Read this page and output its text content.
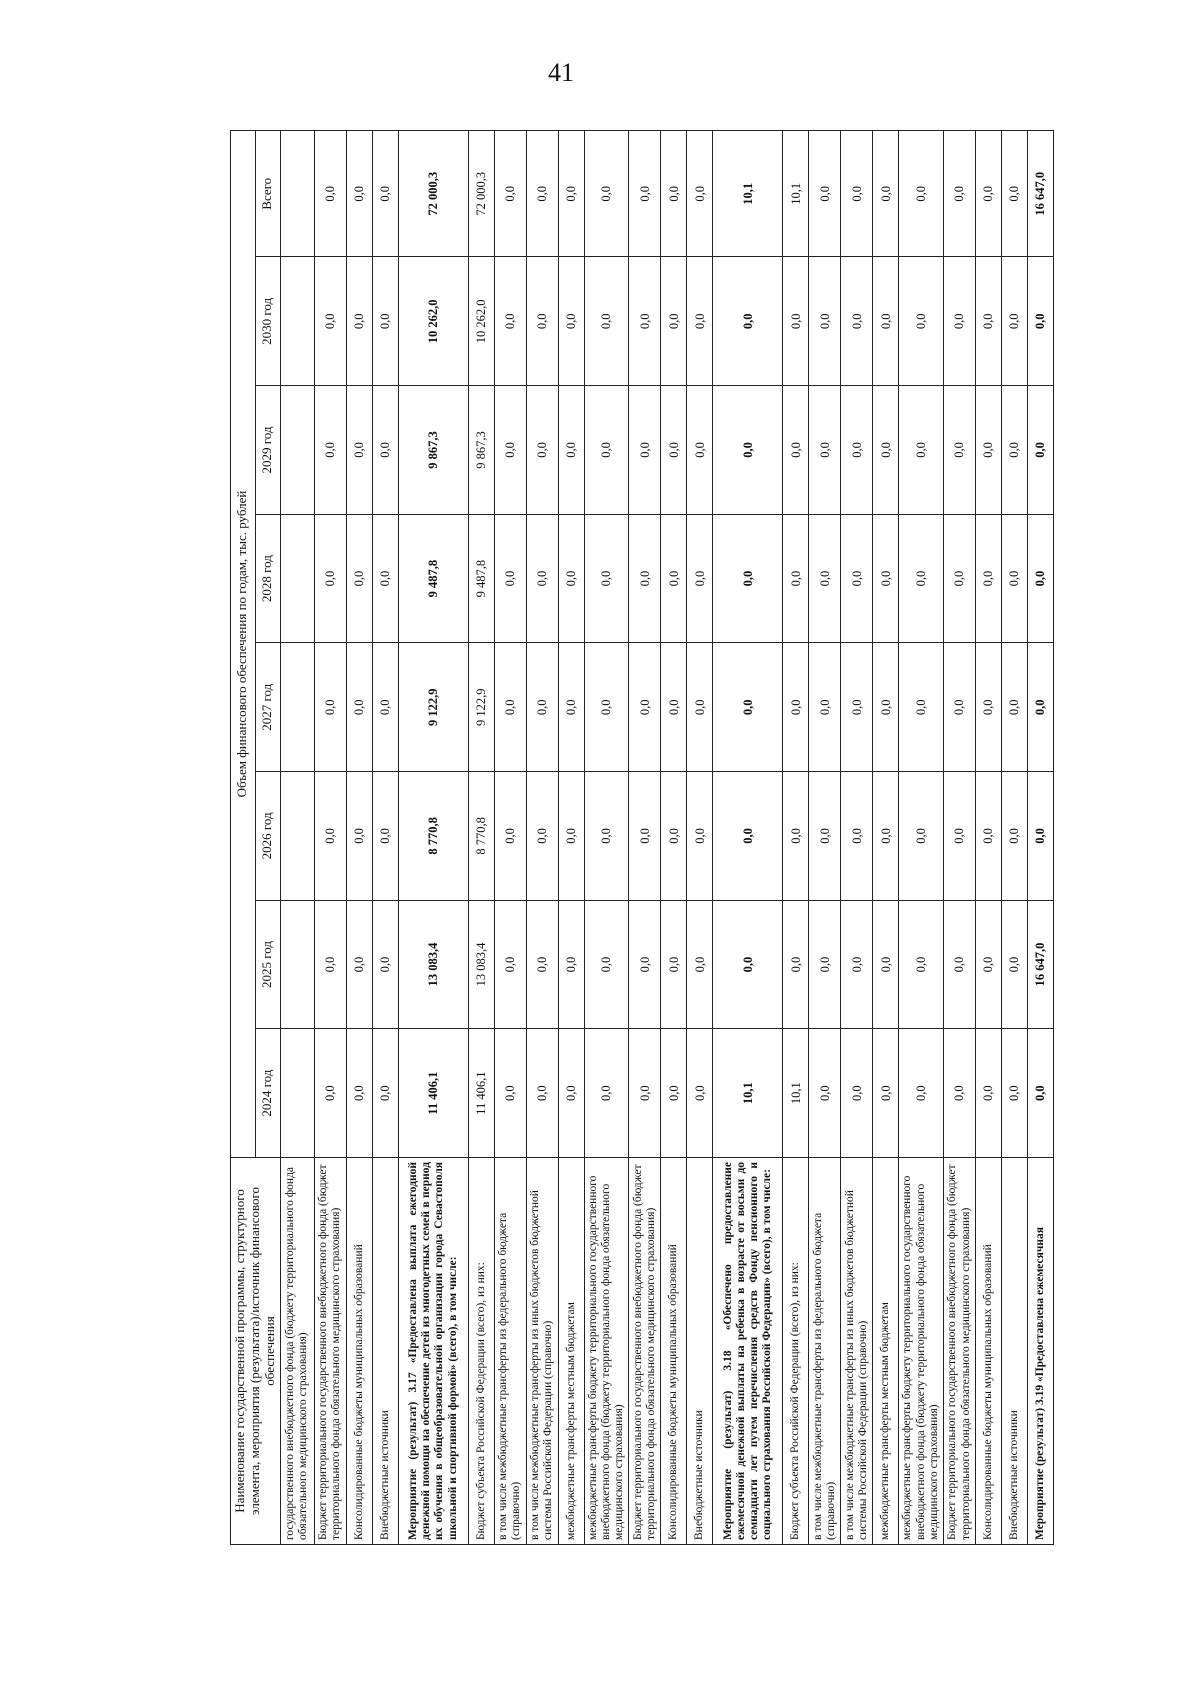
41
Наименование государственной программы, структурного элемента, мероприятия (результата)/источник финансового обеспечения	Объем финансового обеспечения по годам, тыс. рублей							
	2024 год	2025 год	2026 год	2027 год	2028 год	2029 год	2030 год	Всего
государственного внебюджетного фонда (бюджету территориального фонда обязательного медицинского страхования)								
Бюджет территориального государственного внебюджетного фонда (бюджет территориального фонда обязательного медицинского страхования)	0,0	0,0	0,0	0,0	0,0	0,0	0,0	0,0
Консолидированные бюджеты муниципальных образований	0,0	0,0	0,0	0,0	0,0	0,0	0,0	0,0
Внебюджетные источники	0,0	0,0	0,0	0,0	0,0	0,0	0,0	0,0
Мероприятие (результат) 3.17 «Предоставлена выплата ежегодной денежной помощи на обеспечение детей из многодетных семей в период их обучения в общеобразовательной организации города Севастополя школьной и спортивной формой» (всего), в том числе:	11 406,1	13 083,4	8 770,8	9 122,9	9 487,8	9 867,3	10 262,0	72 000,3
Бюджет субъекта Российской Федерации (всего), из них:	11 406,1	13 083,4	8 770,8	9 122,9	9 487,8	9 867,3	10 262,0	72 000,3
в том числе межбюджетные трансферты из федерального бюджета (справочно)	0,0	0,0	0,0	0,0	0,0	0,0	0,0	0,0
в том числе межбюджетные трансферты из иных бюджетов бюджетной системы Российской Федерации (справочно)	0,0	0,0	0,0	0,0	0,0	0,0	0,0	0,0
межбюджетные трансферты местным бюджетам	0,0	0,0	0,0	0,0	0,0	0,0	0,0	0,0
межбюджетные трансферты бюджету территориального государственного внебюджетного фонда (бюджету территориального фонда обязательного медицинского страхования)	0,0	0,0	0,0	0,0	0,0	0,0	0,0	0,0
Бюджет территориального государственного внебюджетного фонда (бюджет территориального фонда обязательного медицинского страхования)	0,0	0,0	0,0	0,0	0,0	0,0	0,0	0,0
Консолидированные бюджеты муниципальных образований	0,0	0,0	0,0	0,0	0,0	0,0	0,0	0,0
Внебюджетные источники	0,0	0,0	0,0	0,0	0,0	0,0	0,0	0,0
Мероприятие (результат) 3.18 «Обеспечено предоставление ежемесячной денежной выплаты на ребенка в возрасте от восьми до семнадцати лет путем перечисления средств Фонду пенсионного и социального страхования Российской Федерации» (всего), в том числе:	10,1	0,0	0,0	0,0	0,0	0,0	0,0	10,1
Бюджет субъекта Российской Федерации (всего), из них:	10,1	0,0	0,0	0,0	0,0	0,0	0,0	10,1
в том числе межбюджетные трансферты из федерального бюджета (справочно)	0,0	0,0	0,0	0,0	0,0	0,0	0,0	0,0
в том числе межбюджетные трансферты из иных бюджетов бюджетной системы Российской Федерации (справочно)	0,0	0,0	0,0	0,0	0,0	0,0	0,0	0,0
межбюджетные трансферты местным бюджетам	0,0	0,0	0,0	0,0	0,0	0,0	0,0	0,0
межбюджетные трансферты бюджету территориального государственного внебюджетного фонда (бюджету территориального фонда обязательного медицинского страхования)	0,0	0,0	0,0	0,0	0,0	0,0	0,0	0,0
Бюджет территориального государственного внебюджетного фонда (бюджет территориального фонда обязательного медицинского страхования)	0,0	0,0	0,0	0,0	0,0	0,0	0,0	0,0
Консолидированные бюджеты муниципальных образований	0,0	0,0	0,0	0,0	0,0	0,0	0,0	0,0
Внебюджетные источники	0,0	0,0	0,0	0,0	0,0	0,0	0,0	0,0
Мероприятие (результат) 3.19 «Предоставлена ежемесячная	0,0	16 647,0	0,0	0,0	0,0	0,0	0,0	16 647,0
